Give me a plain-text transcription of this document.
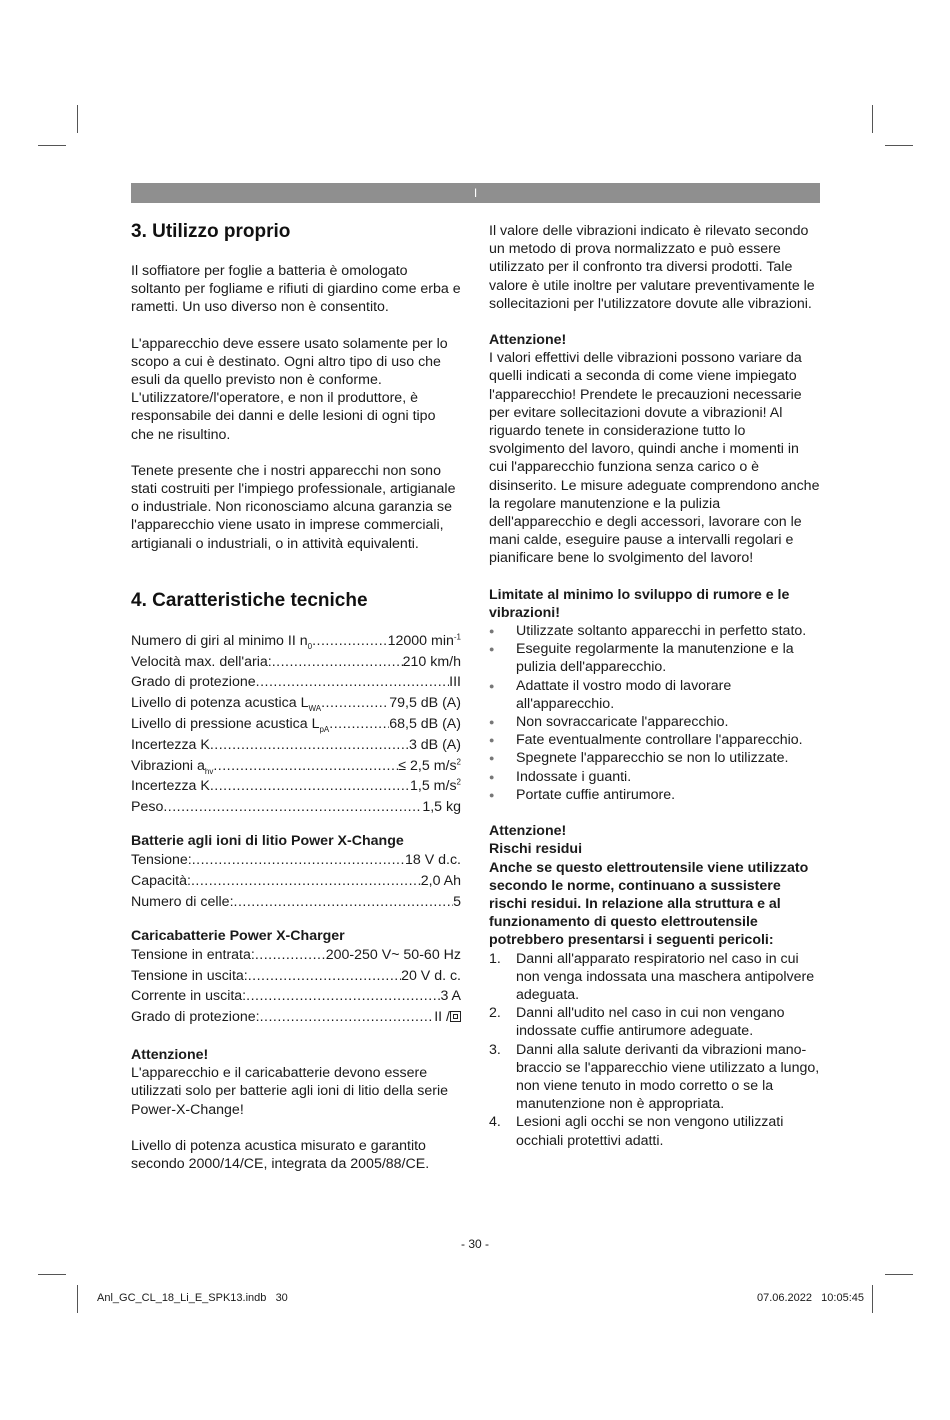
I
3. Utilizzo proprio

Il soffiatore per foglie a batteria è omologato soltanto per fogliame e rifiuti di giardino come erba e rametti. Un uso diverso non è consentito.

L'apparecchio deve essere usato solamente per lo scopo a cui è destinato. Ogni altro tipo di uso che esuli da quello previsto non è conforme. L'utilizzatore/l'operatore, e non il produttore, è responsabile dei danni e delle lesioni di ogni tipo che ne risultino.

Tenete presente che i nostri apparecchi non sono stati costruiti per l'impiego professionale, artigianale o industriale. Non riconosciamo alcuna garanzia se l'apparecchio viene usato in imprese commerciali, artigianali o industriali, o in attività equivalenti.

4. Caratteristiche tecniche
Numero di giri al minimo II $n_0$ .....	12000 $\min^{-1}$
Velocità max. dell'aria: .....	210 km/h
Grado di protezione .....	III
Livello di potenza acustica $L_{WA}$ .....	79,5 dB (A)
Livello di pressione acustica $L_{pA}$ .....	68,5 dB (A)
Incertezza K .....	3 dB (A)
Vibrazioni $a_{hv}$ .....	≤ 2,5 $m/s^2$
Incertezza K .....	1,5 $m/s^2$
Peso .....	1,5 kg

Batterie agli ioni di litio Power X-Change

Tensione: .....	18 V d.c.
Capacità: .....	2,0 Ah
Numero di celle: .....	5

Caricabatterie Power X-Charger

Tensione in entrata: .....	200-250 V~ 50-60 Hz
Tensione in uscita: .....	20 V d. c.
Corrente in uscita: .....	3 A
Grado di protezione: .....	II /

Attenzione!

L'apparecchio e il caricabatterie devono essere utilizzati solo per batterie agli ioni di litio della serie Power-X-Change!

Livello di potenza acustica misurato e garantito secondo 2000/14/CE, integrata da 2005/88/CE.

Il valore delle vibrazioni indicato è rilevato secondo un metodo di prova normalizzato e può essere utilizzato per il confronto tra diversi prodotti. Tale valore è utile inoltre per valutare preventivamente le sollecitazioni per l'utilizzatore dovute alle vibrazioni.

Attenzione!

I valori effettivi delle vibrazioni possono variare da quelli indicati a seconda di come viene impiegato l'apparecchio! Prendete le precauzioni necessarie per evitare sollecitazioni dovute a vibrazioni! Al riguardo tenete in considerazione tutto lo svolgimento del lavoro, quindi anche i momenti in cui l'apparecchio funziona senza carico o è disinserito. Le misure adeguate comprendono anche la regolare manutenzione e la pulizia dell'apparecchio e degli accessori, lavorare con le mani calde, eseguire pause a intervalli regolari e pianificare bene lo svolgimento del lavoro!

Limitate al minimo lo sviluppo di rumore e le vibrazioni!

● Utilizzate soltanto apparecchi in perfetto stato.
● Eseguite regolarmente la manutenzione e la pulizia dell'apparecchio.
● Adattate il vostro modo di lavorare all'apparecchio.
● Non sovraccaricate l'apparecchio.
● Fate eventualmente controllare l'apparecchio.
● Spegnete l'apparecchio se non lo utilizzate.
● Indossate i guanti.
● Portate cuffie antirumore.

Attenzione!

Rischi residui

Anche se questo elettroutensile viene utilizzato secondo le norme, continuano a sussistere rischi residui. In relazione alla struttura e al funzionamento di questo elettroutensile potrebbero presentarsi i seguenti pericoli:

1. Danni all'apparato respiratorio nel caso in cui non venga indossata una maschera antipolvere adeguata.
2. Danni all'udito nel caso in cui non vengano indossate cuffie antirumore adeguate.
3. Danni alla salute derivanti da vibrazioni mano-braccio se l'apparecchio viene utilizzato a lungo, non viene tenuto in modo corretto o se la manutenzione non è appropriata.
4. Lesioni agli occhi se non vengono utilizzati occhiali protettivi adatti.
- 30 -
Anl_GC_CL_18_Li_E_SPK13.indb   30	07.06.2022   10:05:45
